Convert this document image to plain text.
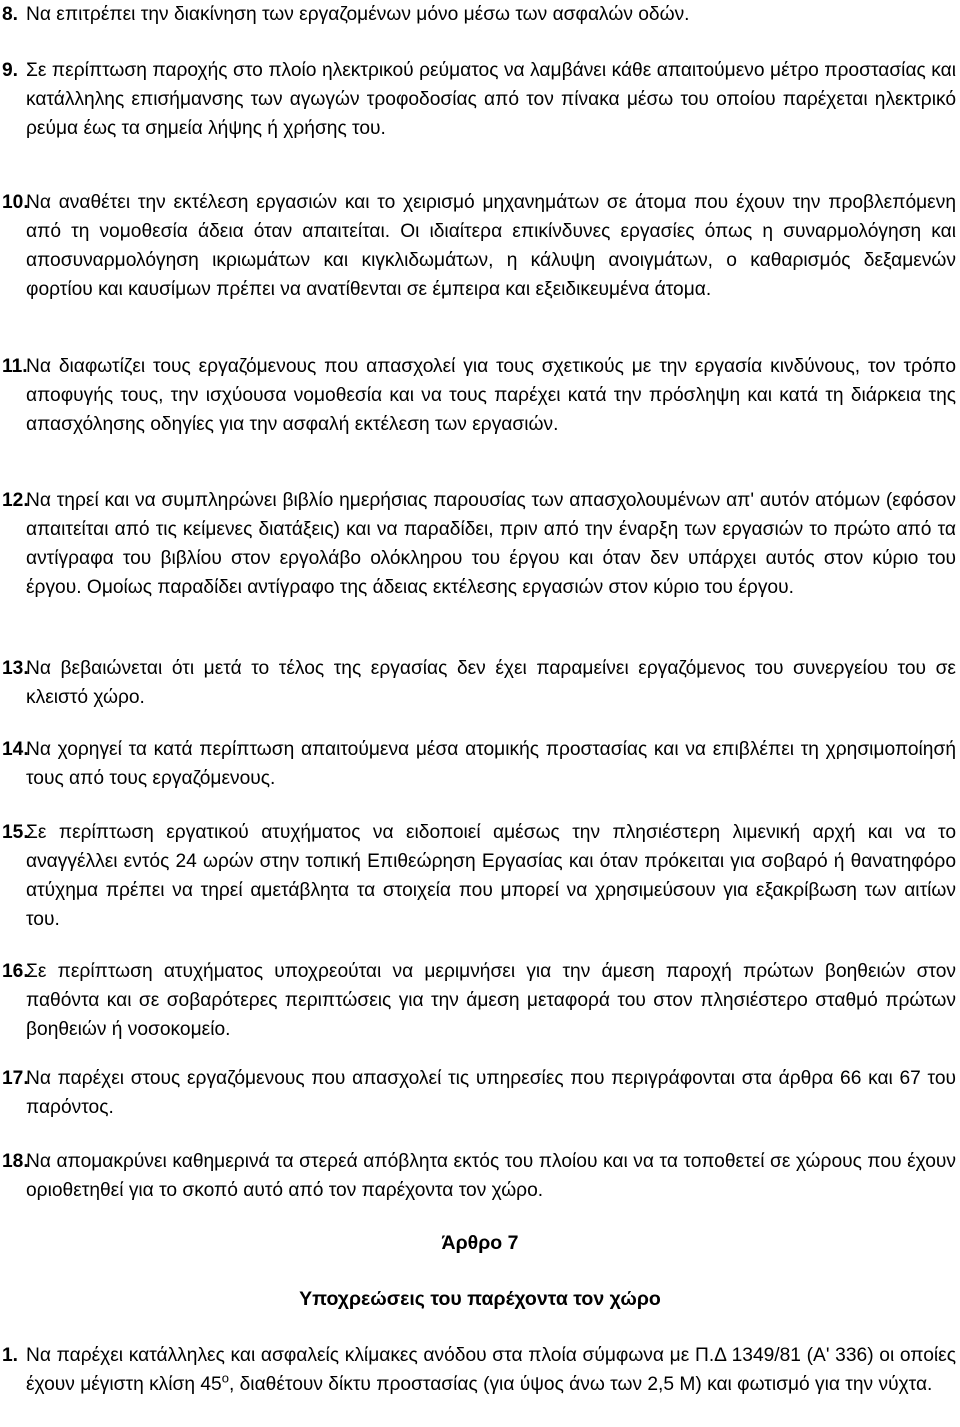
8. Να επιτρέπει την διακίνηση των εργαζομένων μόνο μέσω των ασφαλών οδών.

9. Σε περίπτωση παροχής στο πλοίο ηλεκτρικού ρεύματος να λαμβάνει κάθε απαιτούμενο μέτρο προστασίας και κατάλληλης επισήμανσης των αγωγών τροφοδοσίας από τον πίνακα μέσω του οποίου παρέχεται ηλεκτρικό ρεύμα έως τα σημεία λήψης ή χρήσης του.

10.

Να αναθέτει την εκτέλεση εργασιών και το χειρισμό μηχανημάτων σε άτομα που έχουν την προβλεπόμενη από τη νομοθεσία άδεια όταν απαιτείται. Οι ιδιαίτερα επικίνδυνες εργασίες όπως η συναρμολόγηση και αποσυναρμολόγηση ικριωμάτων και κιγκλιδωμάτων, η κάλυψη ανοιγμάτων, ο καθαρισμός δεξαμενών φορτίου και καυσίμων πρέπει να ανατίθενται σε έμπειρα και εξειδικευμένα άτομα.

11.

Να διαφωτίζει τους εργαζόμενους που απασχολεί για τους σχετικούς με την εργασία κινδύνους, τον τρόπο αποφυγής τους, την ισχύουσα νομοθεσία και να τους παρέχει κατά την πρόσληψη και κατά τη διάρκεια της απασχόλησης οδηγίες για την ασφαλή εκτέλεση των εργασιών.

12.

Να τηρεί και να συμπληρώνει βιβλίο ημερήσιας παρουσίας των απασχολουμένων απ' αυτόν ατόμων (εφόσον απαιτείται από τις κείμενες διατάξεις) και να παραδίδει, πριν από την έναρξη των εργασιών το πρώτο από τα αντίγραφα του βιβλίου στον εργολάβο ολόκληρου του έργου και όταν δεν υπάρχει αυτός στον κύριο του έργου. Ομοίως παραδίδει αντίγραφο της άδειας εκτέλεσης εργασιών στον κύριο του έργου.

13.

Να βεβαιώνεται ότι μετά το τέλος της εργασίας δεν έχει παραμείνει εργαζόμενος του συνεργείου του σε κλειστό χώρο.

14.

Να χορηγεί τα κατά περίπτωση απαιτούμενα μέσα ατομικής προστασίας και να επιβλέπει τη χρησιμοποίησή τους από τους εργαζόμενους.

15.

Σε περίπτωση εργατικού ατυχήματος να ειδοποιεί αμέσως την πλησιέστερη λιμενική αρχή και να το αναγγέλλει εντός 24 ωρών στην τοπική Επιθεώρηση Εργασίας και όταν πρόκειται για σοβαρό ή θανατηφόρο ατύχημα πρέπει να τηρεί αμετάβλητα τα στοιχεία που μπορεί να χρησιμεύσουν για εξακρίβωση των αιτίων του.

16.

Σε περίπτωση ατυχήματος υποχρεούται να μεριμνήσει για την άμεση παροχή πρώτων βοηθειών στον παθόντα και σε σοβαρότερες περιπτώσεις για την άμεση μεταφορά του στον πλησιέστερο σταθμό πρώτων βοηθειών ή νοσοκομείο.

17.

Να παρέχει στους εργαζόμενους που απασχολεί τις υπηρεσίες που περιγράφονται στα άρθρα 66 και 67 του παρόντος.

18.

Να απομακρύνει καθημερινά τα στερεά απόβλητα εκτός του πλοίου και να τα τοποθετεί σε χώρους που έχουν οριοθετηθεί για το σκοπό αυτό από τον παρέχοντα τον χώρο.

Άρθρο 7
Υποχρεώσεις του παρέχοντα τον χώρο
1. Να παρέχει κατάλληλες και ασφαλείς κλίμακες ανόδου στα πλοία σύμφωνα με Π.Δ 1349/81 (Α' 336) οι οποίες έχουν μέγιστη κλίση 45$^o$, διαθέτουν δίκτυ προστασίας (για ύψος άνω των 2,5 Μ) και φωτισμό για την νύχτα.
